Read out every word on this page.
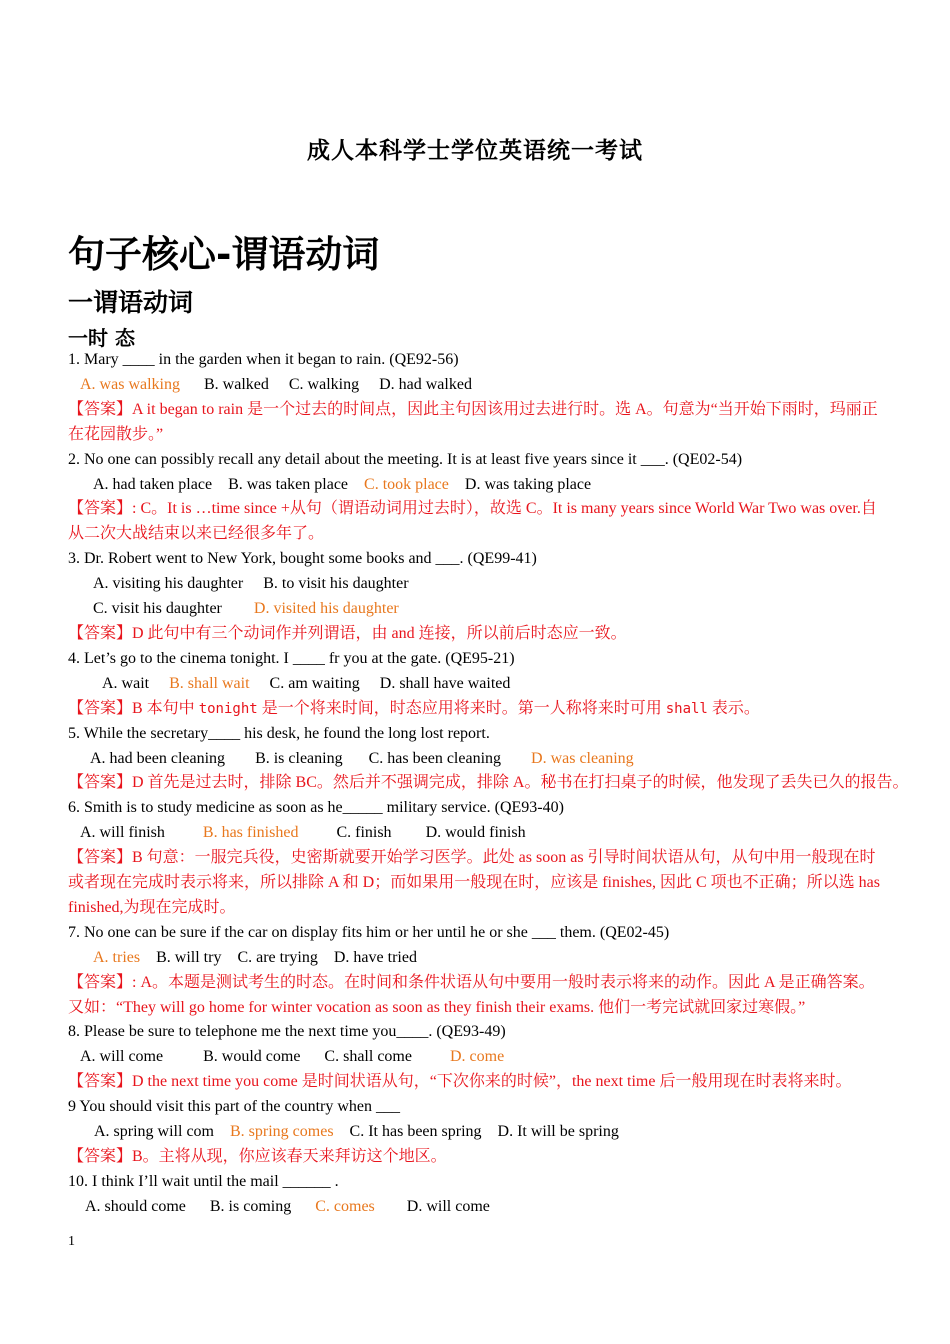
成人本科学士学位英语统一考试
句子核心-谓语动词
一谓语动词
一时 态
1. Mary ____ in the garden when it began to rain. (QE92-56)
A. was walking B. walked C. walking D. had walked
【答案】A it began to rain 是一个过去的时间点，因此主句因该用过去进行时。选 A。句意为“当开始下雨时，玛丽正在花园散步。”
2. No one can possibly recall any detail about the meeting. It is at least five years since it ___. (QE02-54)
A. had taken place B. was taken place C. took place D. was taking place
【答案】: C。It is …time since +从句（谓语动词用过去时），故选 C。It is many years since World War Two was over.自从二次大战结束以来已经很多年了。
3. Dr. Robert went to New York, bought some books and ___. (QE99-41)
A. visiting his daughter B. to visit his daughter
C. visit his daughter D. visited his daughter
【答案】D 此句中有三个动词作并列谓语，由 and 连接，所以前后时态应一致。
4. Let’s go to the cinema tonight. I ____ fr you at the gate. (QE95-21)
A. wait B. shall wait C. am waiting D. shall have waited
【答案】B 本句中 tonight 是一个将来时间，时态应用将来时。第一人称将来时可用 shall 表示。
5. While the secretary____ his desk, he found the long lost report.
A. had been cleaning B. is cleaning C. has been cleaning D. was cleaning
【答案】D 首先是过去时，排除 BC。然后并不强调完成，排除 A。秘书在打扫桌子的时候，他发现了丢失已久的报告。
6. Smith is to study medicine as soon as he_____ military service. (QE93-40)
A. will finish B. has finished C. finish D. would finish
【答案】B 句意：一服完兵役，史密斯就要开始学习医学。此处 as soon as 引导时间状语从句，从句中用一般现在时或者现在完成时表示将来，所以排除 A 和 D；而如果用一般现在时，应该是 finishes, 因此 C 项也不正确；所以选 has finished,为现在完成时。
7. No one can be sure if the car on display fits him or her until he or she ___ them. (QE02-45)
A. tries B. will try C. are trying D. have tried
【答案】: A。本题是测试考生的时态。在时间和条件状语从句中要用一般时表示将来的动作。因此 A 是正确答案。又如：“They will go home for winter vocation as soon as they finish their exams. 他们一考完试就回家过寒假。”
8. Please be sure to telephone me the next time you____. (QE93-49)
A. will come	B. would come C. shall come D. come
【答案】D the next time you come 是时间状语从句，“下次你来的时候”，the next time 后一般用现在时表将来时。
9 You should visit this part of the country when ___
A. spring will com B. spring comes C. It has been spring D. It will be spring
【答案】B。主将从现，你应该春天来拜访这个地区。
10. I think I’ll wait until the mail ______ .
A. should come B. is coming C. comes D. will come
1
